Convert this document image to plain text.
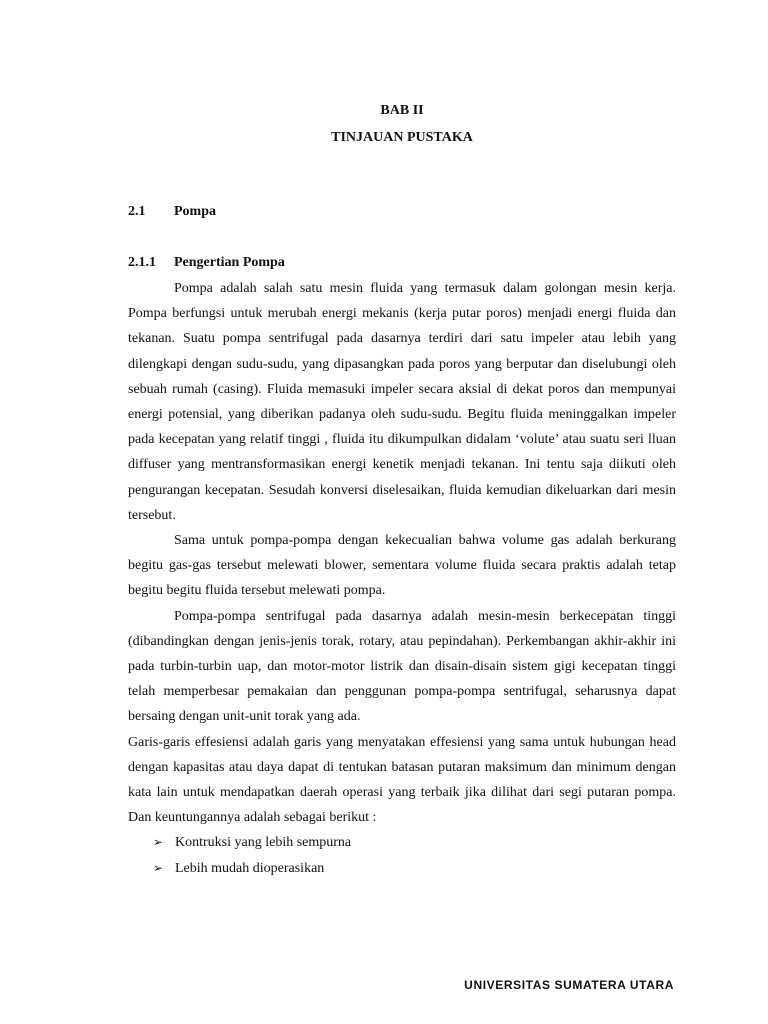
BAB II
TINJAUAN PUSTAKA
2.1 Pompa
2.1.1 Pengertian Pompa

Pompa adalah salah satu mesin fluida yang termasuk dalam golongan mesin kerja. Pompa berfungsi untuk merubah energi mekanis (kerja putar poros) menjadi energi fluida dan tekanan. Suatu pompa sentrifugal pada dasarnya terdiri dari satu impeler atau lebih yang dilengkapi dengan sudu-sudu, yang dipasangkan pada poros yang berputar dan diselubungi oleh sebuah rumah (casing). Fluida memasuki impeler secara aksial di dekat poros dan mempunyai energi potensial, yang diberikan padanya oleh sudu-sudu. Begitu fluida meninggalkan impeler pada kecepatan yang relatif tinggi , fluida itu dikumpulkan didalam ‘volute’ atau suatu seri lluan diffuser yang mentransformasikan energi kenetik menjadi tekanan. Ini tentu saja diikuti oleh pengurangan kecepatan. Sesudah konversi diselesaikan, fluida kemudian dikeluarkan dari mesin tersebut.

Sama untuk pompa-pompa dengan kekecualian bahwa volume gas adalah berkurang begitu gas-gas tersebut melewati blower, sementara volume fluida secara praktis adalah tetap begitu begitu fluida tersebut melewati pompa.

Pompa-pompa sentrifugal pada dasarnya adalah mesin-mesin berkecepatan tinggi (dibandingkan dengan jenis-jenis torak, rotary, atau pepindahan). Perkembangan akhir-akhir ini pada turbin-turbin uap, dan motor-motor listrik dan disain-disain sistem gigi kecepatan tinggi telah memperbesar pemakaian dan penggunan pompa-pompa sentrifugal, seharusnya dapat bersaing dengan unit-unit torak yang ada.

Garis-garis effesiensi adalah garis yang menyatakan effesiensi yang sama untuk hubungan head dengan kapasitas atau daya dapat di tentukan batasan putaran maksimum dan minimum dengan kata lain untuk mendapatkan daerah operasi yang terbaik jika dilihat dari segi putaran pompa. Dan keuntungannya adalah sebagai berikut :

➢ Kontruksi yang lebih sempurna
➢ Lebih mudah dioperasikan
UNIVERSITAS SUMATERA UTARA
